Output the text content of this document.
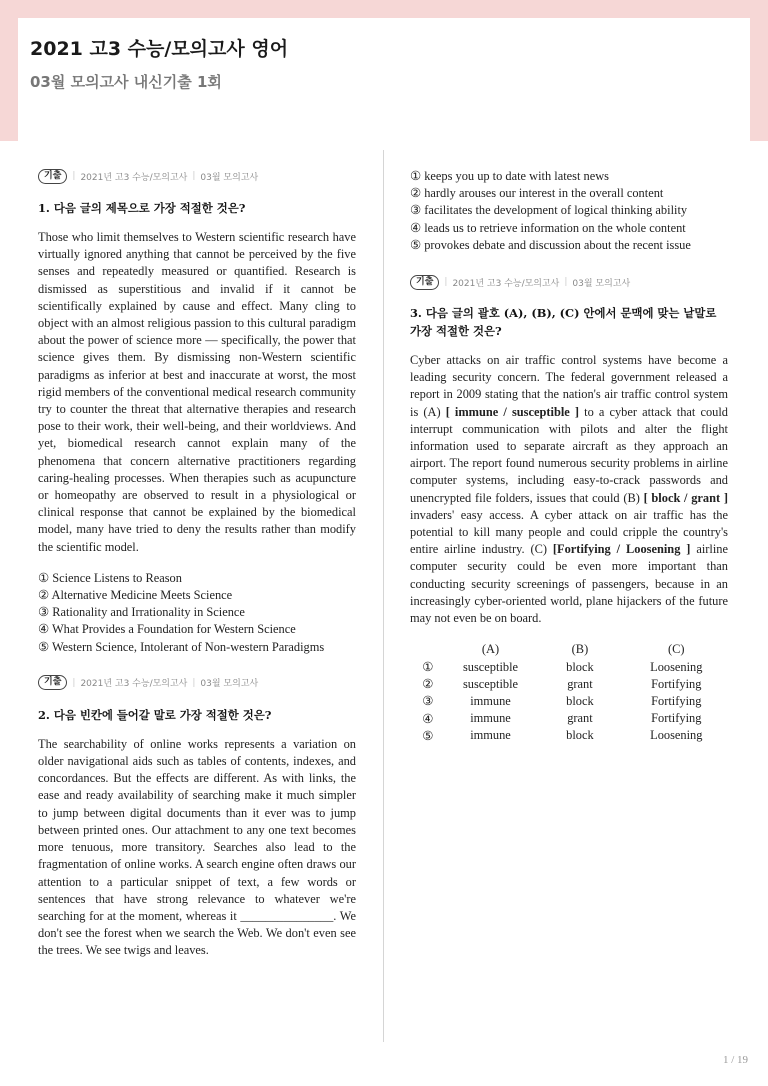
2021 고3 수능/모의고사 영어
03월 모의고사 내신기출 1회
기출	| 2021년 고3 수능/모의고사 | 03월 모의고사

1. 다음 글의 제목으로 가장 적절한 것은?

Those who limit themselves to Western scientific research have virtually ignored anything that cannot be perceived by the five senses and repeatedly measured or quantified. Research is dismissed as superstitious and invalid if it cannot be scientifically explained by cause and effect. Many cling to object with an almost religious passion to this cultural paradigm about the power of science more — specifically, the power that science gives them. By dismissing non-Western scientific paradigms as inferior at best and inaccurate at worst, the most rigid members of the conventional medical research community try to counter the threat that alternative therapies and research pose to their work, their well-being, and their worldviews. And yet, biomedical research cannot explain many of the phenomena that concern alternative practitioners regarding caring-healing processes. When therapies such as acupuncture or homeopathy are observed to result in a physiological or clinical response that cannot be explained by the biomedical model, many have tried to deny the results rather than modify the scientific model.

① Science Listens to Reason
② Alternative Medicine Meets Science
③ Rationality and Irrationality in Science
④ What Provides a Foundation for Western Science
⑤ Western Science, Intolerant of Non-western Paradigms
기출	| 2021년 고3 수능/모의고사 | 03월 모의고사

2. 다음 빈칸에 들어갈 말로 가장 적절한 것은?

The searchability of online works represents a variation on older navigational aids such as tables of contents, indexes, and concordances. But the effects are different. As with links, the ease and ready availability of searching make it much simpler to jump between digital documents than it ever was to jump between printed ones. Our attachment to any one text becomes more tenuous, more transitory. Searches also lead to the fragmentation of online works. A search engine often draws our attention to a particular snippet of text, a few words or sentences that have strong relevance to whatever we're searching for at the moment, whereas it _______________. We don't see the forest when we search the Web. We don't even see the trees. We see twigs and leaves.

① keeps you up to date with latest news
② hardly arouses our interest in the overall content
③ facilitates the development of logical thinking ability
④ leads us to retrieve information on the whole content
⑤ provokes debate and discussion about the recent issue
기출	| 2021년 고3 수능/모의고사 | 03월 모의고사

3. 다음 글의 괄호 (A), (B), (C) 안에서 문맥에 맞는 낱말로 가장 적절한 것은?

Cyber attacks on air traffic control systems have become a leading security concern. The federal government released a report in 2009 stating that the nation's air traffic control system is (A) [ immune / susceptible ] to a cyber attack that could interrupt communication with pilots and alter the flight information used to separate aircraft as they approach an airport. The report found numerous security problems in airline computer systems, including easy-to-crack passwords and unencrypted file folders, issues that could (B) [ block / grant ] invaders' easy access. A cyber attack on air traffic has the potential to kill many people and could cripple the country's entire airline industry. (C) [Fortifying / Loosening ] airline computer security could be even more important than conducting security screenings of passengers, because in an increasingly cyber-oriented world, plane hijackers of the future may not even be on board.

	(A)	(B)	(C)
①	susceptible	block	Loosening
②	susceptible	grant	Fortifying
③	immune	block	Fortifying
④	immune	grant	Fortifying
⑤	immune	block	Loosening
1 / 19
